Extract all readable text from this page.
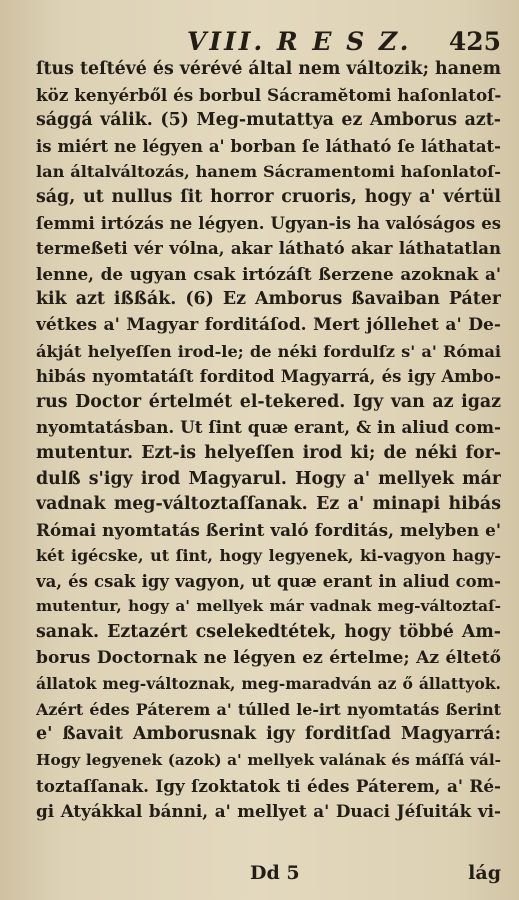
VIII. R E S Z. 425
ſtus teſtévé és vérévé által nem változik; hanem
köz kenyérből és borbul Sácramĕtomi haſonlatoſ-
sággá válik. (5) Meg-mutattya ez Amborus azt-
is miért ne légyen a' borban ſe látható ſe láthatat-
lan általváltozás, hanem Sácramentomi haſonlatoſ-
ság, ut nullus ſit horror cruoris, hogy a' vértül
ſemmi irtózás ne légyen. Ugyan-is ha valóságos es
termeßeti vér vólna, akar látható akar láthatatlan
lenne, de ugyan csak irtózáſt ßerzene azoknak a'
kik azt ißßák. (6) Ez Amborus ßavaiban Páter
vétkes a' Magyar forditáſod. Mert jóllehet a' De-
ákját helyeſſen irod-le; de néki fordulſz s' a' Római
hibás nyomtatáſt forditod Magyarrá, és igy Ambo-
rus Doctor értelmét el-tekered. Igy van az igaz
nyomtatásban. Ut ſint quæ erant, & in aliud com-
mutentur. Ezt-is helyeſſen irod ki; de néki for-
dulß s'igy irod Magyarul. Hogy a' mellyek már
vadnak meg-változtaſſanak. Ez a' minapi hibás
Római nyomtatás ßerint való forditás, melyben e'
két igécske, ut ſint, hogy legyenek, ki-vagyon hagy-
va, és csak igy vagyon, ut quæ erant in aliud com-
mutentur, hogy a' mellyek már vadnak meg-változtaſ-
sanak. Eztazért cselekedtétek, hogy többé Am-
borus Doctornak ne légyen ez értelme; Az éltető
állatok meg-változnak, meg-maradván az ő állattyok.
Azért édes Páterem a' túlled le-irt nyomtatás ßerint
e' ßavait Amborusnak igy forditſad Magyarrá:
Hogy legyenek (azok) a' mellyek valának és máſſá vál-
toztaſſanak. Igy ſzoktatok ti édes Páterem, a' Ré-
gi Atyákkal bánni, a' mellyet a' Duaci Jéſuiták vi-
Dd 5	lág
